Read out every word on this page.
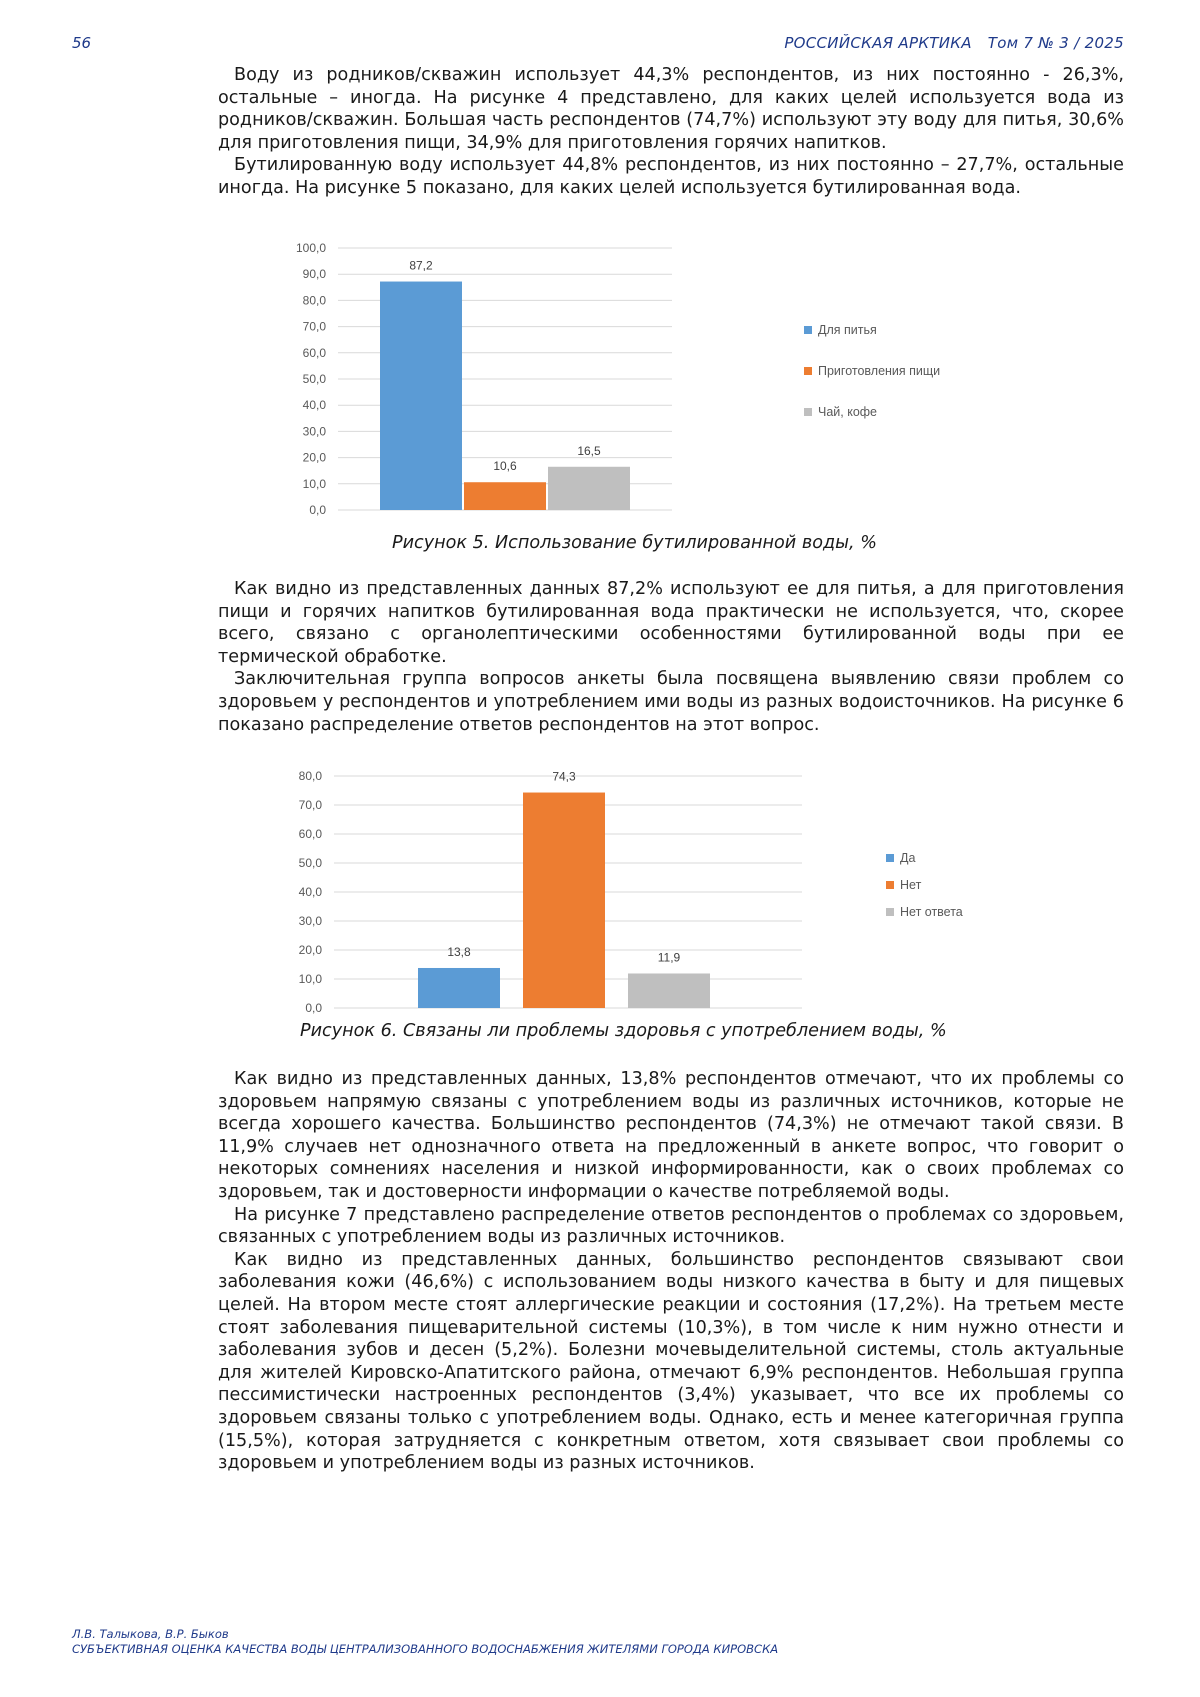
56	РОССИЙСКАЯ АРКТИКА Том 7 № 3 / 2025

Воду из родников/скважин использует 44,3% респондентов, из них постоянно - 26,3%, остальные – иногда. На рисунке 4 представлено, для каких целей используется вода из родников/скважин. Большая часть респондентов (74,7%) используют эту воду для питья, 30,6% для приготовления пищи, 34,9% для приготовления горячих напитков.

Бутилированную воду использует 44,8% респондентов, из них постоянно – 27,7%, остальные иногда. На рисунке 5 показано, для каких целей используется бутилированная вода.

0,0
10,0
20,0
30,0
40,0
50,0
60,0
70,0
80,0
90,0
100,0
87,2
Для питья
10,6
Приготовления пищи
16,5
Чай, кофе
Рисунок 5. Использование бутилированной воды, %

Как видно из представленных данных 87,2% используют ее для питья, а для приготовления пищи и горячих напитков бутилированная вода практически не используется, что, скорее всего, связано с органолептическими особенностями бутилированной воды при ее термической обработке.

Заключительная группа вопросов анкеты была посвящена выявлению связи проблем со здоровьем у респондентов и употреблением ими воды из разных водоисточников. На рисунке 6 показано распределение ответов респондентов на этот вопрос.

0,0
10,0
20,0
30,0
40,0
50,0
60,0
70,0
80,0
13,8
Да
74,3
Нет
11,9
Нет ответа
Рисунок 6. Связаны ли проблемы здоровья с употреблением воды, %

Как видно из представленных данных, 13,8% респондентов отмечают, что их проблемы со здоровьем напрямую связаны с употреблением воды из различных источников, которые не всегда хорошего качества. Большинство респондентов (74,3%) не отмечают такой связи. В 11,9% случаев нет однозначного ответа на предложенный в анкете вопрос, что говорит о некоторых сомнениях населения и низкой информированности, как о своих проблемах со здоровьем, так и достоверности информации о качестве потребляемой воды.

На рисунке 7 представлено распределение ответов респондентов о проблемах со здоровьем, связанных с употреблением воды из различных источников.

Как видно из представленных данных, большинство респондентов связывают свои заболевания кожи (46,6%) с использованием воды низкого качества в быту и для пищевых целей. На втором месте стоят аллергические реакции и состояния (17,2%). На третьем месте стоят заболевания пищеварительной системы (10,3%), в том числе к ним нужно отнести и заболевания зубов и десен (5,2%). Болезни мочевыделительной системы, столь актуальные для жителей Кировско-Апатитского района, отмечают 6,9% респондентов. Небольшая группа пессимистически настроенных респондентов (3,4%) указывает, что все их проблемы со здоровьем связаны только с употреблением воды. Однако, есть и менее категоричная группа (15,5%), которая затрудняется с конкретным ответом, хотя связывает свои проблемы со здоровьем и употреблением воды из разных источников.

Л.В. Талыкова, В.Р. Быков
СУБЪЕКТИВНАЯ ОЦЕНКА КАЧЕСТВА ВОДЫ ЦЕНТРАЛИЗОВАННОГО ВОДОСНАБЖЕНИЯ ЖИТЕЛЯМИ ГОРОДА КИРОВСКА
